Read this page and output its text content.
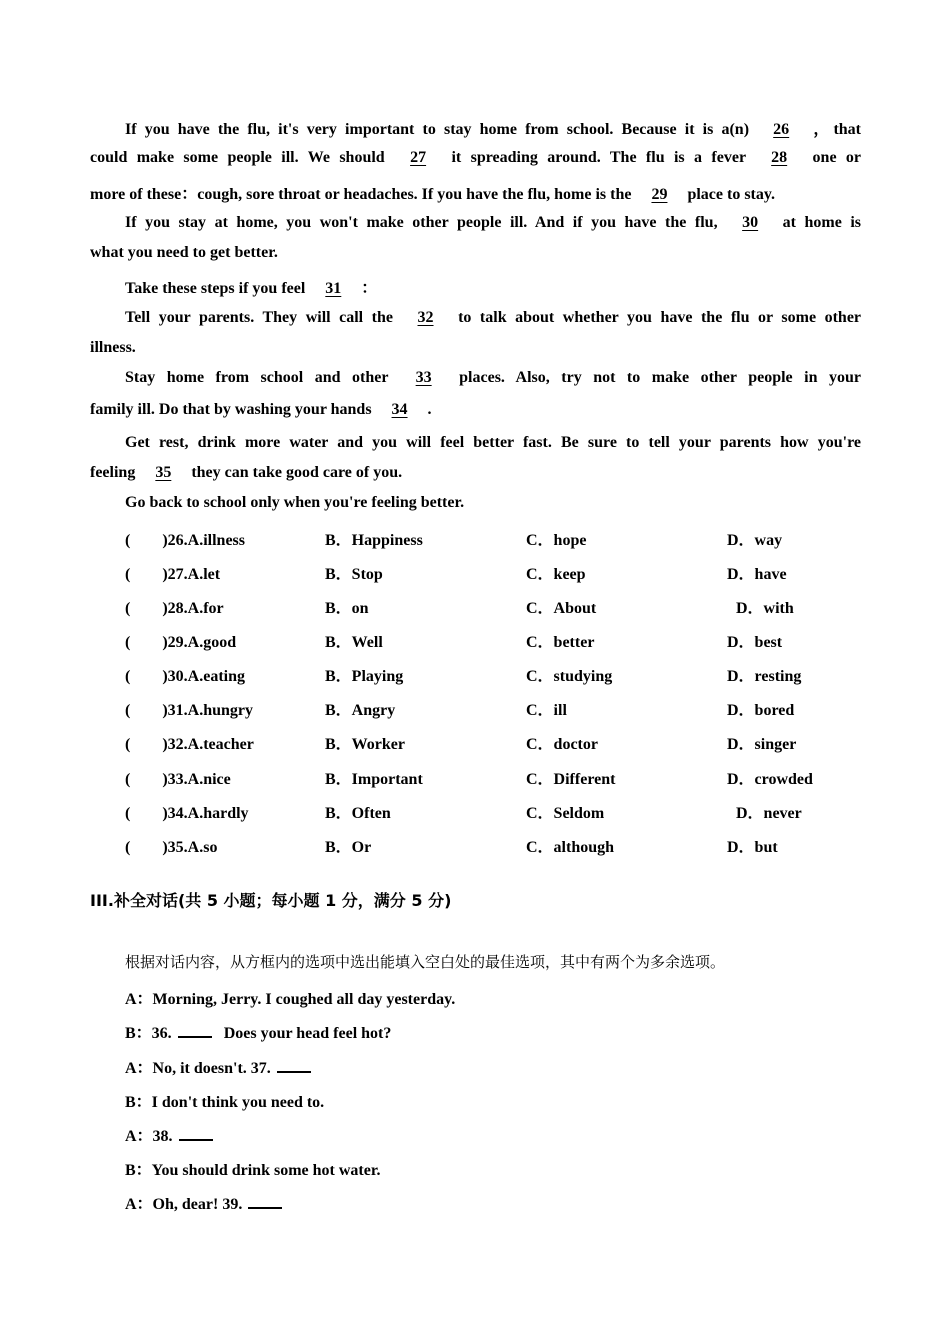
If you have the flu, it's very important to stay home from school. Because it is a(n) 26 ，that
could make some people ill. We should 27 it spreading around. The flu is a fever 28 one or
more of these：cough, sore throat or headaches. If you have the flu, home is the 29 place to stay.
If you stay at home, you won't make other people ill. And if you have the flu, 30 at home is
what you need to get better.
Take these steps if you feel 31 ：
Tell your parents. They will call the 32 to talk about whether you have the flu or some other
illness.
Stay home from school and other 33 places. Also, try not to make other people in your
family ill. Do that by washing your hands 34 .
Get rest, drink more water and you will feel better fast. Be sure to tell your parents how you're
feeling 35 they can take good care of you.
Go back to school only when you're feeling better.
(　　)26.A.illness	B．Happiness	C．hope	D．way
(　　)27.A.let	B．Stop	C．keep	D．have
(　　)28.A.for	B．on	C．About	D．with
(　　)29.A.good	B．Well	C．better	D．best
(　　)30.A.eating	B．Playing	C．studying	D．resting
(　　)31.A.hungry	B．Angry	C．ill	D．bored
(　　)32.A.teacher	B．Worker	C．doctor	D．singer
(　　)33.A.nice	B．Important	C．Different	D．crowded
(　　)34.A.hardly	B．Often	C．Seldom	D．never
(　　)35.A.so	B．Or	C．although	D．but
III.补全对话(共 5 小题；每小题 1 分，满分 5 分)
根据对话内容，从方框内的选项中选出能填入空白处的最佳选项，其中有两个为多余选项。
A：Morning, Jerry. I coughed all day yesterday.
B：36.	Does your head feel hot?
A：No, it doesn't. 37.
B：I don't think you need to.
A：38.
B：You should drink some hot water.
A：Oh, dear! 39.
